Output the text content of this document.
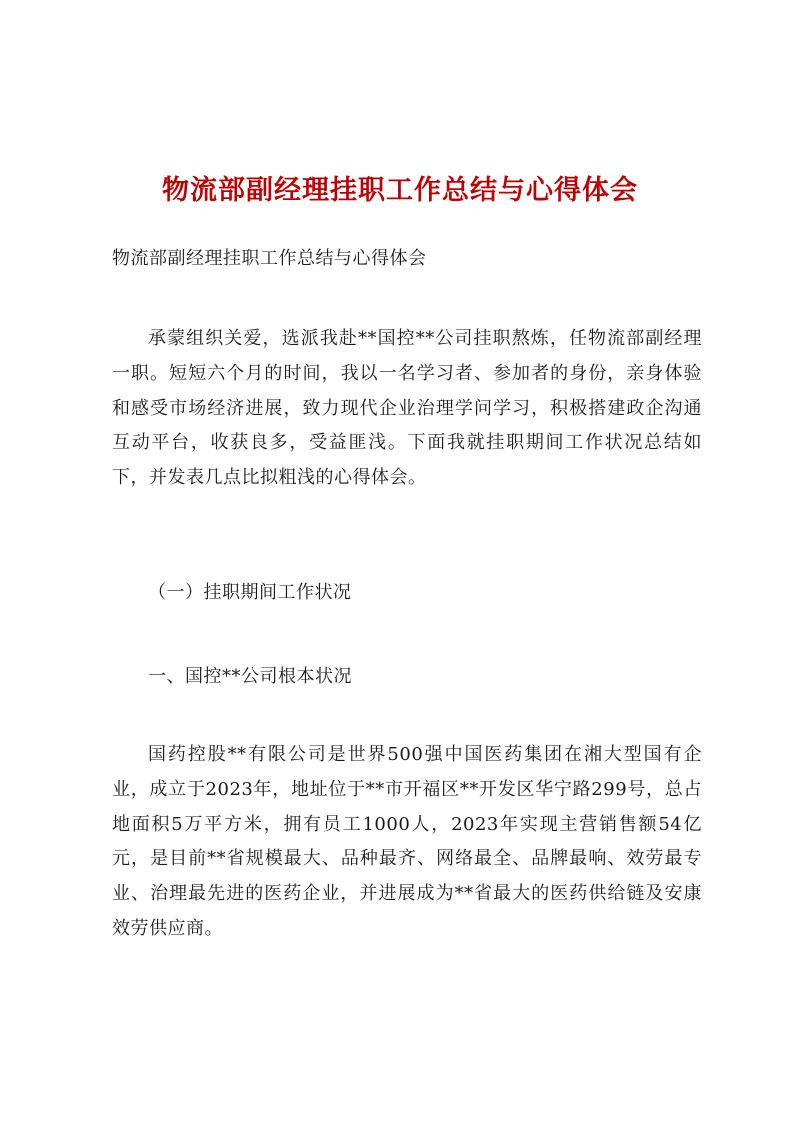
物流部副经理挂职工作总结与心得体会

物流部副经理挂职工作总结与心得体会

承蒙组织关爱，选派我赴**国控**公司挂职熬炼，任物流部副经理一职。短短六个月的时间，我以一名学习者、参加者的身份，亲身体验和感受市场经济进展，致力现代企业治理学问学习，积极搭建政企沟通互动平台，收获良多，受益匪浅。下面我就挂职期间工作状况总结如下，并发表几点比拟粗浅的心得体会。

（一）挂职期间工作状况

一、国控**公司根本状况

国药控股**有限公司是世界500强中国医药集团在湘大型国有企业，成立于2023年，地址位于**市开福区**开发区华宁路299号，总占地面积5万平方米，拥有员工1000人，2023年实现主营销售额54亿元，是目前**省规模最大、品种最齐、网络最全、品牌最响、效劳最专业、治理最先进的医药企业，并进展成为**省最大的医药供给链及安康效劳供应商。
